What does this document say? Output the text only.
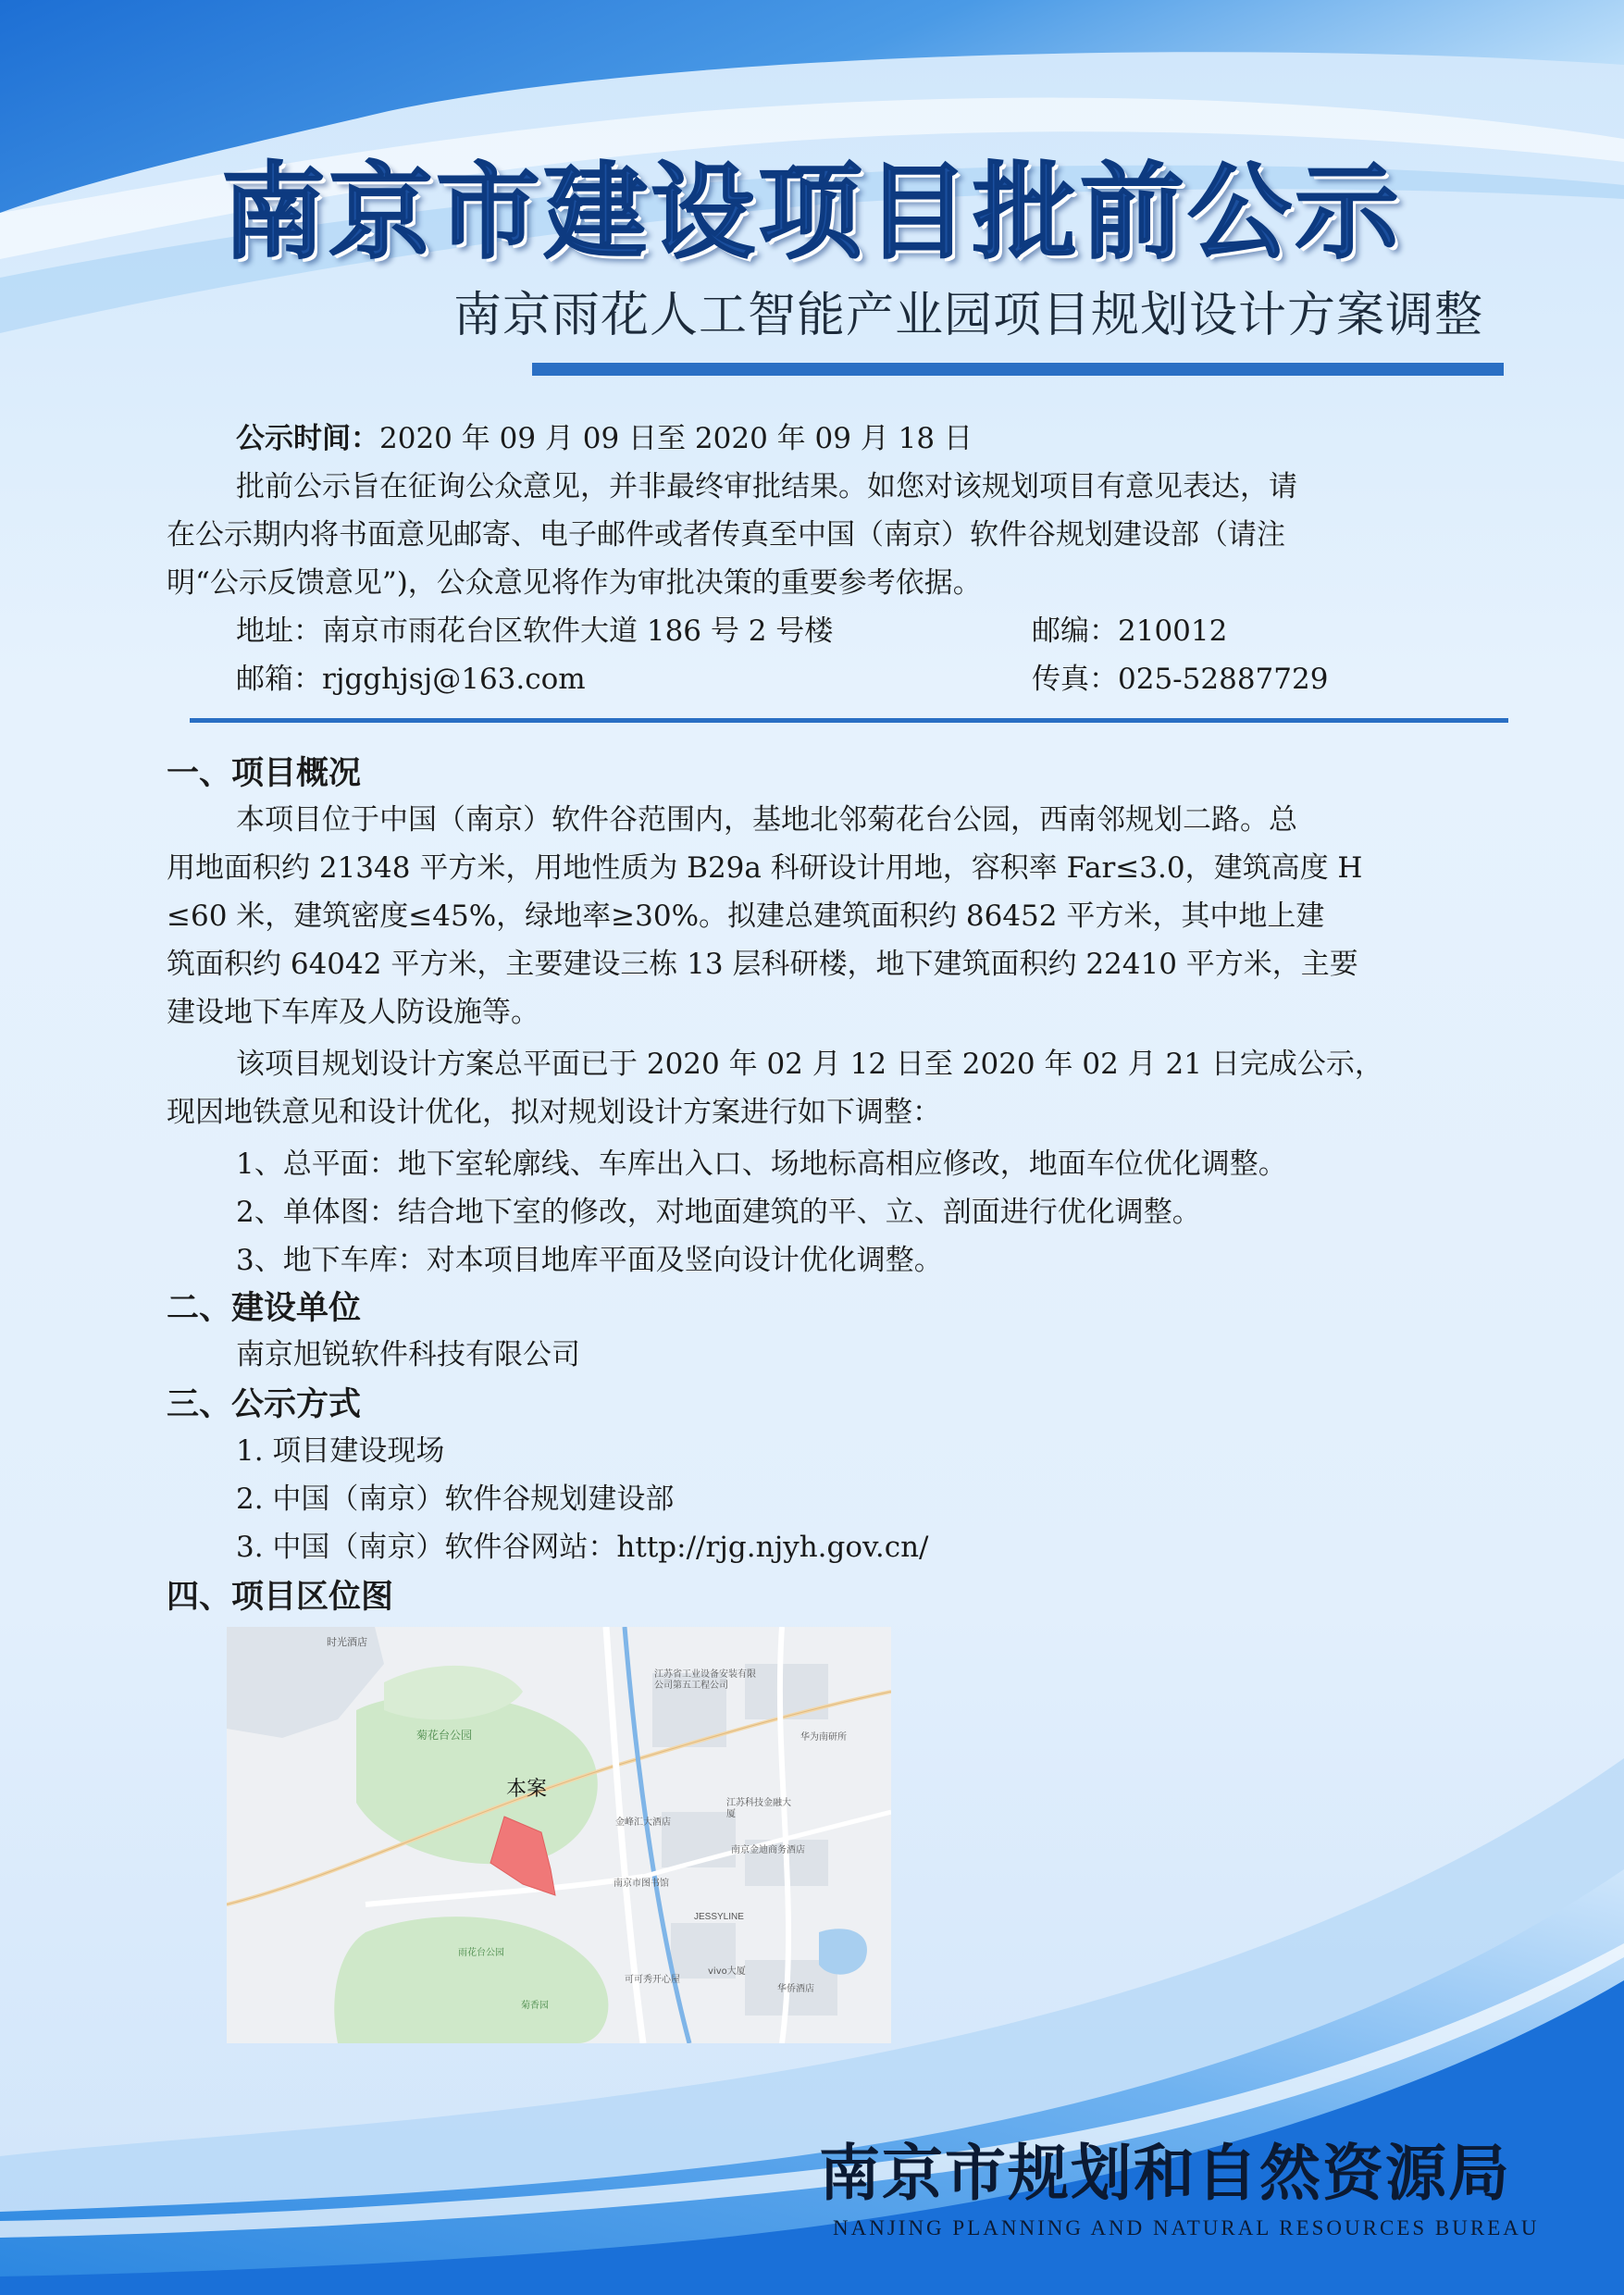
南京市建设项目批前公示
南京雨花人工智能产业园项目规划设计方案调整
公示时间：2020 年 09 月 09 日至 2020 年 09 月 18 日
批前公示旨在征询公众意见，并非最终审批结果。如您对该规划项目有意见表达，请
在公示期内将书面意见邮寄、电子邮件或者传真至中国（南京）软件谷规划建设部（请注
明“公示反馈意见”)，公众意见将作为审批决策的重要参考依据。
地址：南京市雨花台区软件大道 186 号 2 号楼	邮编：210012
邮箱：rjgghjsj@163.com	传真：025-52887729
一、项目概况
本项目位于中国（南京）软件谷范围内，基地北邻菊花台公园，西南邻规划二路。总
用地面积约 21348 平方米，用地性质为 B29a 科研设计用地，容积率 Far≤3.0，建筑高度 H
≤60 米，建筑密度≤45%，绿地率≥30%。拟建总建筑面积约 86452 平方米，其中地上建
筑面积约 64042 平方米，主要建设三栋 13 层科研楼，地下建筑面积约 22410 平方米，主要
建设地下车库及人防设施等。
该项目规划设计方案总平面已于 2020 年 02 月 12 日至 2020 年 02 月 21 日完成公示，
现因地铁意见和设计优化，拟对规划设计方案进行如下调整：
1、总平面：地下室轮廓线、车库出入口、场地标高相应修改，地面车位优化调整。
2、单体图：结合地下室的修改，对地面建筑的平、立、剖面进行优化调整。
3、地下车库：对本项目地库平面及竖向设计优化调整。
二、建设单位
南京旭锐软件科技有限公司
三、公示方式
1. 项目建设现场
2. 中国（南京）软件谷规划建设部
3. 中国（南京）软件谷网站：http://rjg.njyh.gov.cn/
四、项目区位图
本案
时光酒店
菊花台公园
江苏省工业设备安装有限公司第五工程公司
华为南研所
金峰汇大酒店
江苏科技金融大厦
南京金迪商务酒店
JESSYLINE
vivo大厦
华侨酒店
雨花台公园
菊香园
南京市图书馆
可可秀开心屋
南京市规划和自然资源局
NANJING PLANNING AND NATURAL RESOURCES BUREAU
